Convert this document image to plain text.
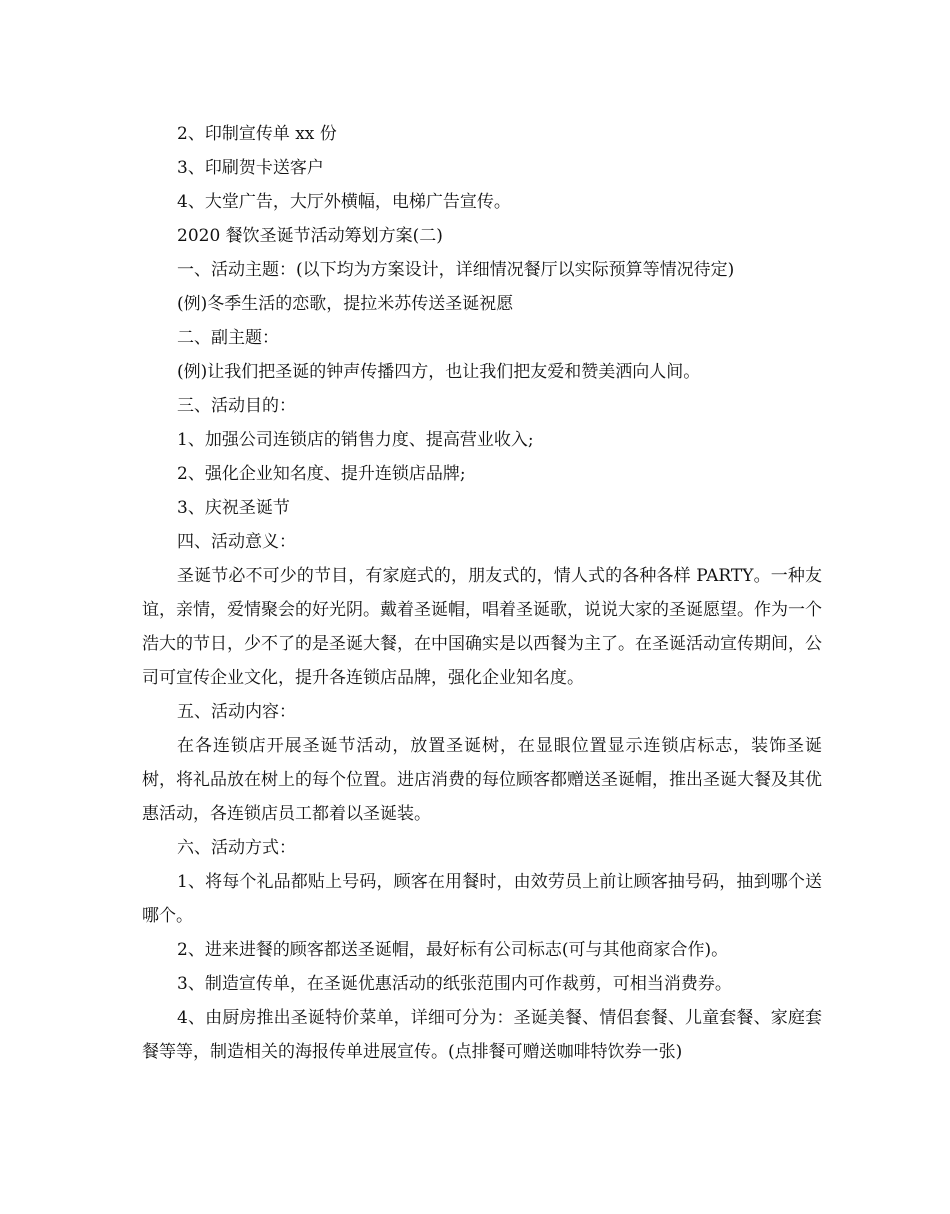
2、印制宣传单 xx 份

3、印刷贺卡送客户

4、大堂广告，大厅外横幅，电梯广告宣传。

2020 餐饮圣诞节活动筹划方案(二)

一、活动主题：(以下均为方案设计，详细情况餐厅以实际预算等情况待定)

(例)冬季生活的恋歌，提拉米苏传送圣诞祝愿

二、副主题：

(例)让我们把圣诞的钟声传播四方，也让我们把友爱和赞美洒向人间。

三、活动目的：

1、加强公司连锁店的销售力度、提高营业收入;

2、强化企业知名度、提升连锁店品牌;

3、庆祝圣诞节

四、活动意义：

圣诞节必不可少的节目，有家庭式的，朋友式的，情人式的各种各样 PARTY。一种友谊，亲情，爱情聚会的好光阴。戴着圣诞帽，唱着圣诞歌，说说大家的圣诞愿望。作为一个浩大的节日，少不了的是圣诞大餐，在中国确实是以西餐为主了。在圣诞活动宣传期间，公司可宣传企业文化，提升各连锁店品牌，强化企业知名度。

五、活动内容：

在各连锁店开展圣诞节活动，放置圣诞树，在显眼位置显示连锁店标志，装饰圣诞树，将礼品放在树上的每个位置。进店消费的每位顾客都赠送圣诞帽，推出圣诞大餐及其优惠活动，各连锁店员工都着以圣诞装。

六、活动方式：

1、将每个礼品都贴上号码，顾客在用餐时，由效劳员上前让顾客抽号码，抽到哪个送哪个。

2、进来进餐的顾客都送圣诞帽，最好标有公司标志(可与其他商家合作)。

3、制造宣传单，在圣诞优惠活动的纸张范围内可作裁剪，可相当消费券。

4、由厨房推出圣诞特价菜单，详细可分为：圣诞美餐、情侣套餐、儿童套餐、家庭套餐等等，制造相关的海报传单进展宣传。(点排餐可赠送咖啡特饮券一张)
